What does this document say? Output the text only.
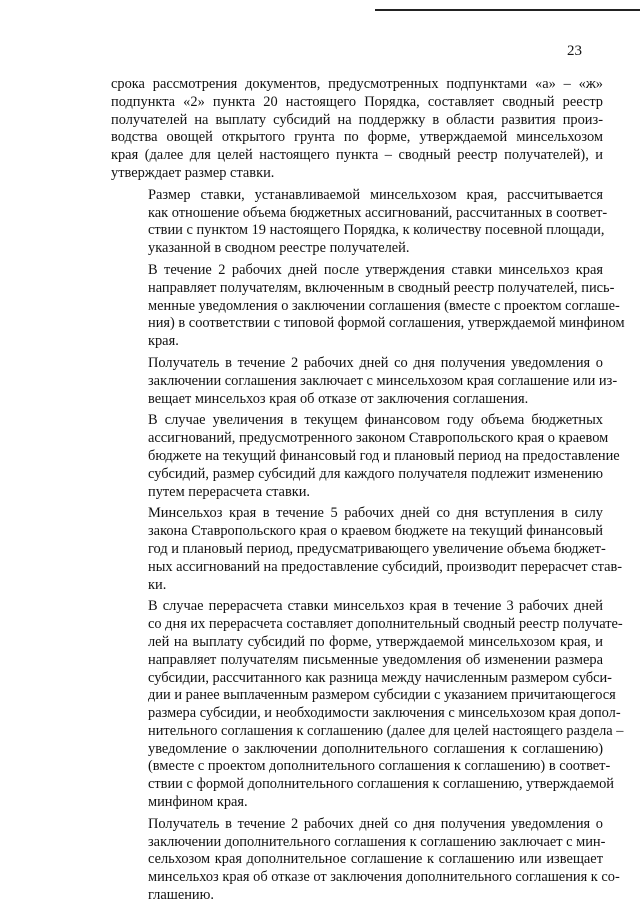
23

срока рассмотрения документов, предусмотренных подпунктами «а» – «ж»
подпункта «2» пункта 20 настоящего Порядка, составляет сводный реестр
получателей на выплату субсидий на поддержку в области развития произ-
водства овощей открытого грунта по форме, утверждаемой минсельхозом
края (далее для целей настоящего пункта – сводный реестр получателей), и
утверждает размер ставки.

Размер ставки, устанавливаемой минсельхозом края, рассчитывается
как отношение объема бюджетных ассигнований, рассчитанных в соответ-
ствии с пунктом 19 настоящего Порядка, к количеству посевной площади,
указанной в сводном реестре получателей.

В течение 2 рабочих дней после утверждения ставки минсельхоз края
направляет получателям, включенным в сводный реестр получателей, пись-
менные уведомления о заключении соглашения (вместе с проектом соглаше-
ния) в соответствии с типовой формой соглашения, утверждаемой минфином
края.

Получатель в течение 2 рабочих дней со дня получения уведомления о
заключении соглашения заключает с минсельхозом края соглашение или из-
вещает минсельхоз края об отказе от заключения соглашения.

В случае увеличения в текущем финансовом году объема бюджетных
ассигнований, предусмотренного законом Ставропольского края о краевом
бюджете на текущий финансовый год и плановый период на предоставление
субсидий, размер субсидий для каждого получателя подлежит изменению
путем перерасчета ставки.

Минсельхоз края в течение 5 рабочих дней со дня вступления в силу
закона Ставропольского края о краевом бюджете на текущий финансовый
год и плановый период, предусматривающего увеличение объема бюджет-
ных ассигнований на предоставление субсидий, производит перерасчет став-
ки.

В случае перерасчета ставки минсельхоз края в течение 3 рабочих дней
со дня их перерасчета составляет дополнительный сводный реестр получате-
лей на выплату субсидий по форме, утверждаемой минсельхозом края, и
направляет получателям письменные уведомления об изменении размера
субсидии, рассчитанного как разница между начисленным размером субси-
дии и ранее выплаченным размером субсидии с указанием причитающегося
размера субсидии, и необходимости заключения с минсельхозом края допол-
нительного соглашения к соглашению (далее для целей настоящего раздела –
уведомление о заключении дополнительного соглашения к соглашению)
(вместе с проектом дополнительного соглашения к соглашению) в соответ-
ствии с формой дополнительного соглашения к соглашению, утверждаемой
минфином края.

Получатель в течение 2 рабочих дней со дня получения уведомления о
заключении дополнительного соглашения к соглашению заключает с мин-
сельхозом края дополнительное соглашение к соглашению или извещает
минсельхоз края об отказе от заключения дополнительного соглашения к со-
глашению.
